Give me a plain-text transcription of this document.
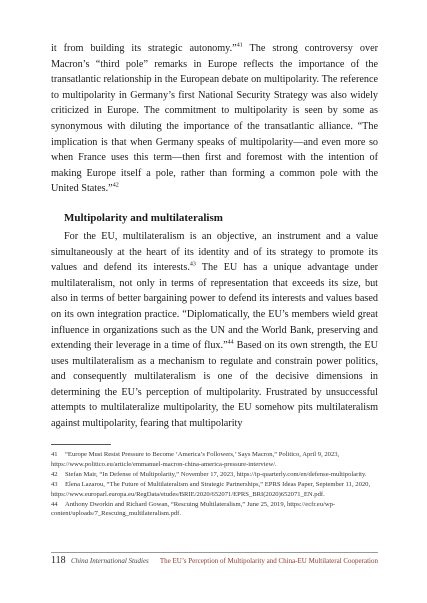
it from building its strategic autonomy.”$^{41}$ The strong controversy over Macron’s “third pole” remarks in Europe reflects the importance of the transatlantic relationship in the European debate on multipolarity. The reference to multipolarity in Germany’s first National Security Strategy was also widely criticized in Europe. The commitment to multipolarity is seen by some as synonymous with diluting the importance of the transatlantic alliance. “The implication is that when Germany speaks of multipolarity—and even more so when France uses this term—then first and foremost with the intention of making Europe itself a pole, rather than forming a common pole with the United States.”$^{42}$

Multipolarity and multilateralism

For the EU, multilateralism is an objective, an instrument and a value simultaneously at the heart of its identity and of its strategy to promote its values and defend its interests.$^{43}$ The EU has a unique advantage under multilateralism, not only in terms of representation that exceeds its size, but also in terms of better bargaining power to defend its interests and values based on its own integration practice. “Diplomatically, the EU’s members wield great influence in organizations such as the UN and the World Bank, preserving and extending their leverage in a time of flux.”$^{44}$ Based on its own strength, the EU uses multilateralism as a mechanism to regulate and constrain power politics, and consequently multilateralism is one of the decisive dimensions in determining the EU’s perception of multipolarity. Frustrated by unsuccessful attempts to multilateralize multipolarity, the EU somehow pits multilateralism against multipolarity, fearing that multipolarity

41 “Europe Must Resist Pressure to Become ‘America’s Followers,’ Says Macron,” Politico, April 9, 2023, https://www.politico.eu/article/emmanuel-macron-china-america-pressure-interview/.

42 Stefan Mair, “In Defense of Multipolarity,” November 17, 2023, https://ip-quarterly.com/en/defense-multipolarity.

43 Elena Lazarou, “The Future of Multilateralism and Strategic Partnerships,” EPRS Ideas Paper, September 11, 2020, https://www.europarl.europa.eu/RegData/etudes/BRIE/2020/652071/EPRS_BRI(2020)652071_EN.pdf.

44 Anthony Dworkin and Richard Gowan, “Rescuing Multilateralism,” June 25, 2019, https://ecfr.eu/wp-content/uploads/7_Rescuing_multilateralism.pdf.

118 China International Studies The EU’s Perception of Multipolarity and China-EU Multilateral Cooperation
